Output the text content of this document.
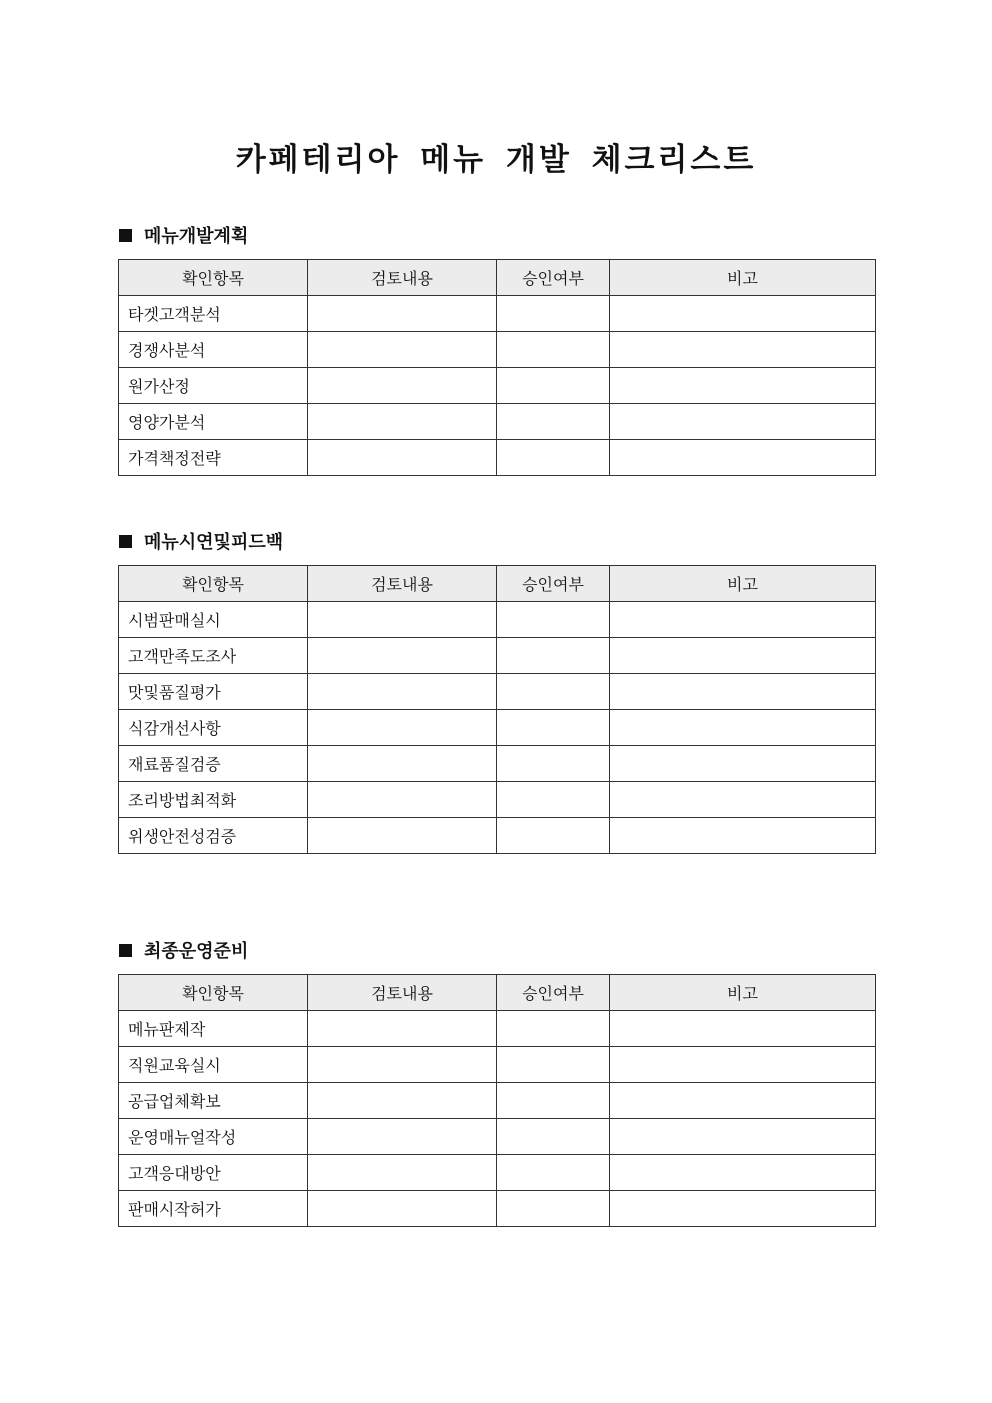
카페테리아 메뉴 개발 체크리스트
메뉴개발계획
확인항목	검토내용	승인여부	비고
타겟고객분석			
경쟁사분석			
원가산정			
영양가분석			
가격책정전략			
메뉴시연및피드백
확인항목	검토내용	승인여부	비고
시범판매실시			
고객만족도조사			
맛및품질평가			
식감개선사항			
재료품질검증			
조리방법최적화			
위생안전성검증			
최종운영준비
확인항목	검토내용	승인여부	비고
메뉴판제작			
직원교육실시			
공급업체확보			
운영매뉴얼작성			
고객응대방안			
판매시작허가			
